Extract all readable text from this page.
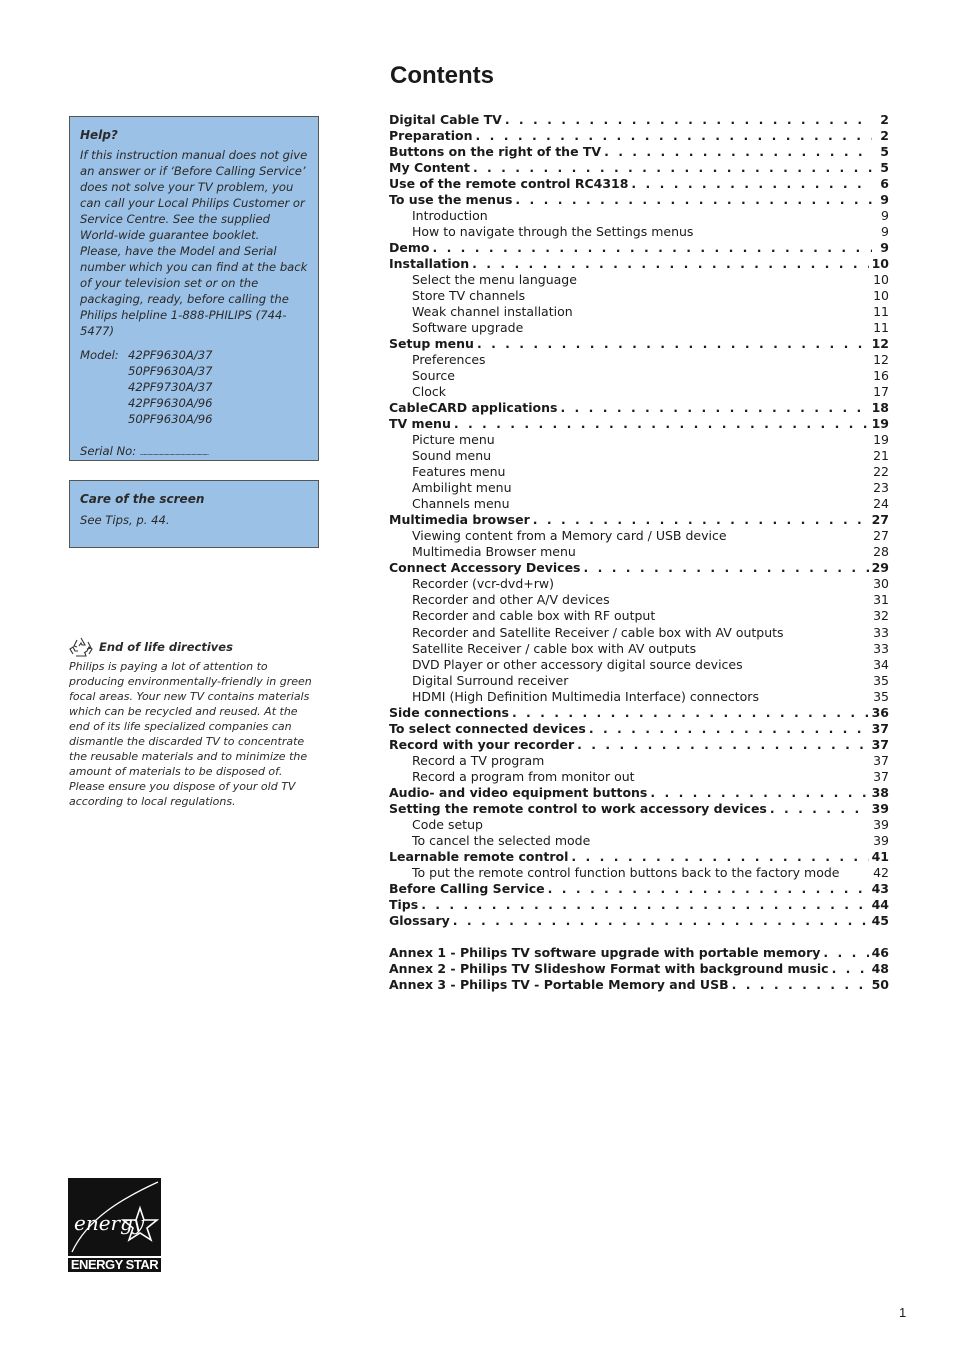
Contents
Help?

If this instruction manual does not give an answer or if ‘Before Calling Service’ does not solve your TV problem, you can call your Local Philips Customer or Service Centre. See the supplied World-wide guarantee booklet.

Please, have the Model and Serial number which you can find at the back of your television set or on the packaging, ready, before calling the Philips helpline 1-888-PHILIPS (744-5477)

Model: 42PF9630A/37
50PF9630A/37
42PF9730A/37
42PF9630A/96
50PF9630A/96
Serial No: ........................................................
Care of the screen
See Tips, p. 44.
End of life directives

Philips is paying a lot of attention to producing environmentally-friendly in green focal areas. Your new TV contains materials which can be recycled and reused. At the end of its life specialized companies can dismantle the discarded TV to concentrate the reusable materials and to minimize the amount of materials to be disposed of.

Please ensure you dispose of your old TV according to local regulations.

Digital Cable TV . . .	2
Preparation . . .	2
Buttons on the right of the TV . . .	5
My Content . . .	5
Use of the remote control RC4318 . . .	6
To use the menus . . .	9
Introduction	9
How to navigate through the Settings menus	9
Demo . . .	9
Installation . . .	10
Select the menu language	10
Store TV channels	10
Weak channel installation	11
Software upgrade	11
Setup menu . . .	12
Preferences	12
Source	16
Clock	17
CableCARD applications . . .	18
TV menu . . .	19
Picture menu	19
Sound menu	21
Features menu	22
Ambilight menu	23
Channels menu	24
Multimedia browser . . .	27
Viewing content from a Memory card / USB device	27
Multimedia Browser menu	28
Connect Accessory Devices . . .	29
Recorder (vcr-dvd+rw)	30
Recorder and other A/V devices	31
Recorder and cable box with RF output	32
Recorder and Satellite Receiver / cable box with AV outputs	33
Satellite Receiver / cable box with AV outputs	33
DVD Player or other accessory digital source devices	34
Digital Surround receiver	35
HDMI (High Definition Multimedia Interface) connectors	35
Side connections . . .	36
To select connected devices . . .	37
Record with your recorder . . .	37
Record a TV program	37
Record a program from monitor out	37
Audio- and video equipment buttons . . .	38
Setting the remote control to work accessory devices . . .	39
Code setup	39
To cancel the selected mode	39
Learnable remote control . . .	41
To put the remote control function buttons back to the factory mode	42
Before Calling Service . . .	43
Tips . . .	44
Glossary . . .	45
Annex 1 - Philips TV software upgrade with portable memory . . .	46
Annex 2 - Philips TV Slideshow Format with background music . . .	48
Annex 3 - Philips TV - Portable Memory and USB . . .	50
energy
ENERGY STAR
1
